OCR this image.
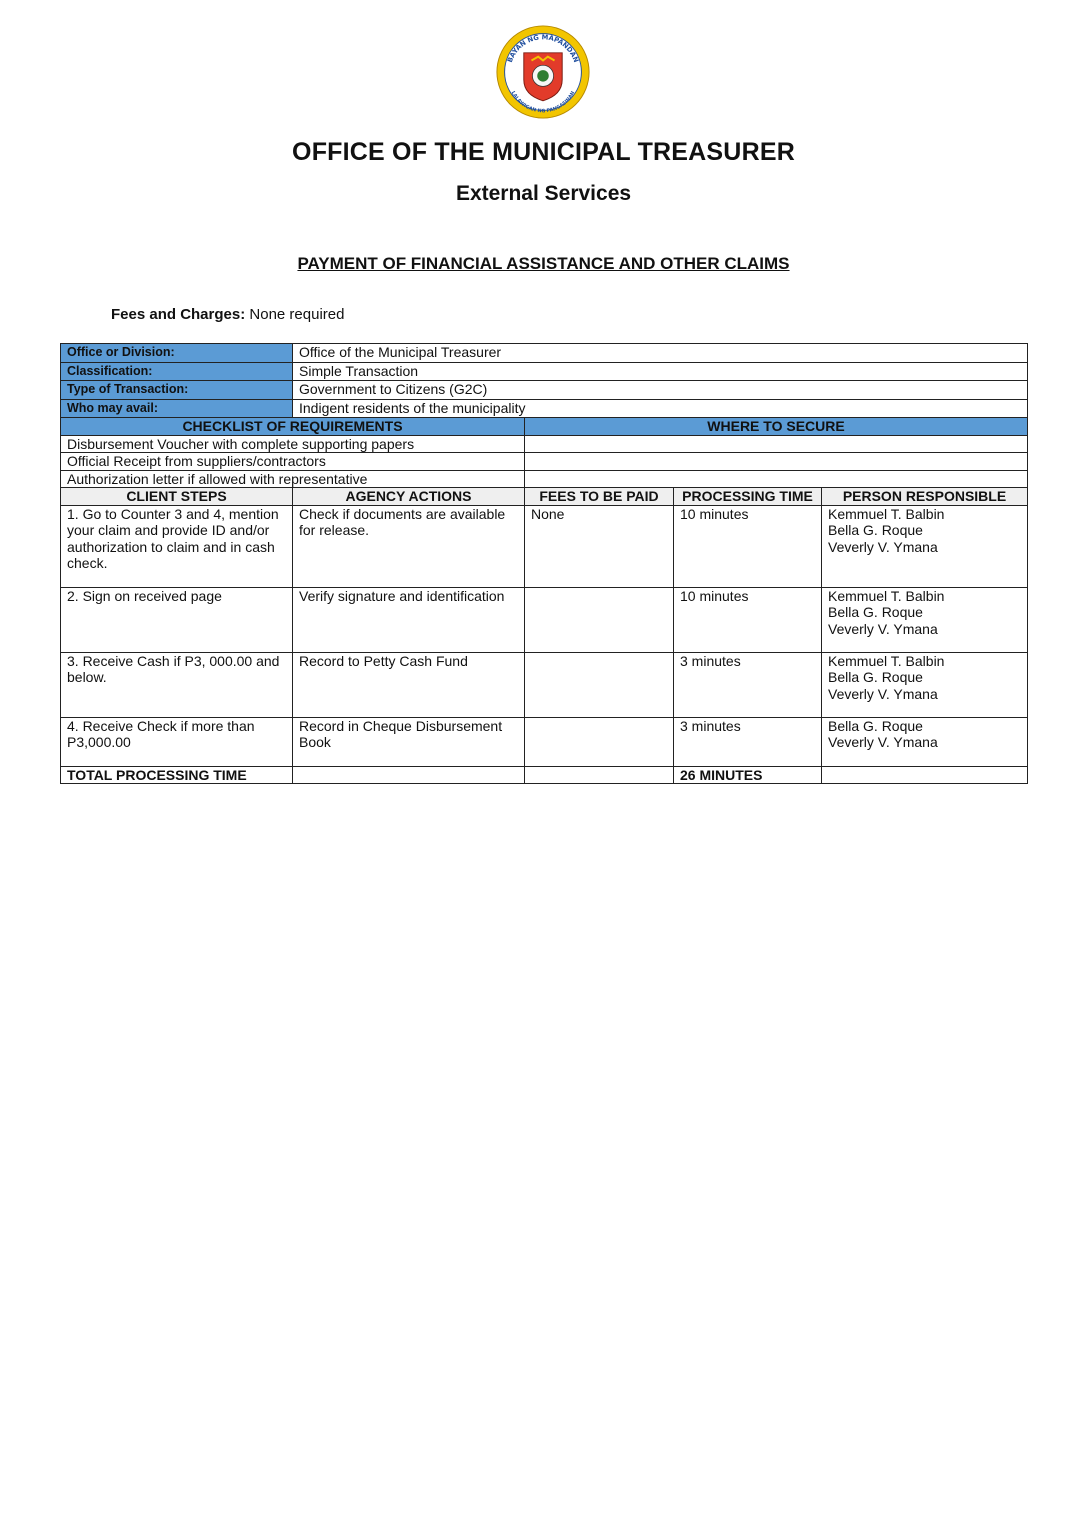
BAYAN NG MAPANDAN
LALAWIGAN NG PANGASINAN
OFFICE OF THE MUNICIPAL TREASURER
External Services
PAYMENT OF FINANCIAL ASSISTANCE AND OTHER CLAIMS
Fees and Charges: None required
Office or Division:	Office of the Municipal Treasurer
Classification:	Simple Transaction
Type of Transaction:	Government to Citizens (G2C)
Who may avail:	Indigent residents of the municipality
CHECKLIST OF REQUIREMENTS		WHERE TO SECURE		
Disbursement Voucher with complete supporting papers				
Official Receipt from suppliers/contractors				
Authorization letter if allowed with representative				
CLIENT STEPS	AGENCY ACTIONS	FEES TO BE PAID	PROCESSING TIME	PERSON RESPONSIBLE
1. Go to Counter 3 and 4, mention your claim and provide ID and/or authorization to claim and in cash check.	Check if documents are available for release.	None	10 minutes	Kemmuel T. Balbin
Bella G. Roque
Veverly V. Ymana

2. Sign on received page	Verify signature and identification		10 minutes	Kemmuel T. Balbin
Bella G. Roque
Veverly V. Ymana

3. Receive Cash if P3, 000.00 and below.	Record to Petty Cash Fund		3 minutes	Kemmuel T. Balbin
Bella G. Roque
Veverly V. Ymana

4. Receive Check if more than P3,000.00	Record in Cheque Disbursement Book		3 minutes	Bella G. Roque
Veverly V. Ymana

TOTAL PROCESSING TIME			26 MINUTES	
